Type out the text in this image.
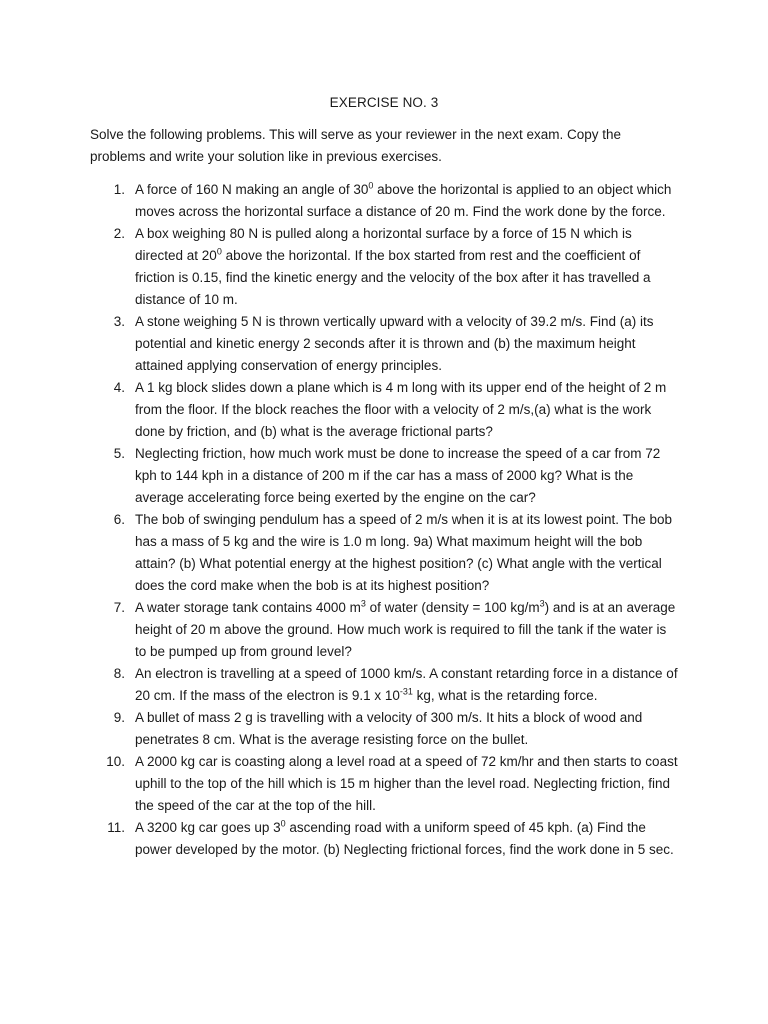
EXERCISE NO. 3
Solve the following problems. This will serve as your reviewer in the next exam. Copy the problems and write your solution like in previous exercises.
1. A force of 160 N making an angle of $30^0$ above the horizontal is applied to an object which moves across the horizontal surface a distance of 20 m. Find the work done by the force.
2. A box weighing 80 N is pulled along a horizontal surface by a force of 15 N which is directed at $20^0$ above the horizontal. If the box started from rest and the coefficient of friction is 0.15, find the kinetic energy and the velocity of the box after it has travelled a distance of 10 m.
3. A stone weighing 5 N is thrown vertically upward with a velocity of 39.2 m/s. Find (a) its potential and kinetic energy 2 seconds after it is thrown and (b) the maximum height attained applying conservation of energy principles.
4. A 1 kg block slides down a plane which is 4 m long with its upper end of the height of 2 m from the floor. If the block reaches the floor with a velocity of 2 m/s,(a) what is the work done by friction, and (b) what is the average frictional parts?
5. Neglecting friction, how much work must be done to increase the speed of a car from 72 kph to 144 kph in a distance of 200 m if the car has a mass of 2000 kg? What is the average accelerating force being exerted by the engine on the car?
6. The bob of swinging pendulum has a speed of 2 m/s when it is at its lowest point. The bob has a mass of 5 kg and the wire is 1.0 m long. 9a) What maximum height will the bob attain? (b) What potential energy at the highest position? (c) What angle with the vertical does the cord make when the bob is at its highest position?
7. A water storage tank contains 4000 $m^3$ of water (density = 100 $kg/m^3$) and is at an average height of 20 m above the ground. How much work is required to fill the tank if the water is to be pumped up from ground level?
8. An electron is travelling at a speed of 1000 km/s. A constant retarding force in a distance of 20 cm. If the mass of the electron is 9.1 x $10^{-31}$ kg, what is the retarding force.
9. A bullet of mass 2 g is travelling with a velocity of 300 m/s. It hits a block of wood and penetrates 8 cm. What is the average resisting force on the bullet.
10. A 2000 kg car is coasting along a level road at a speed of 72 km/hr and then starts to coast uphill to the top of the hill which is 15 m higher than the level road. Neglecting friction, find the speed of the car at the top of the hill.
11. A 3200 kg car goes up $3^0$ ascending road with a uniform speed of 45 kph. (a) Find the power developed by the motor. (b) Neglecting frictional forces, find the work done in 5 sec.
